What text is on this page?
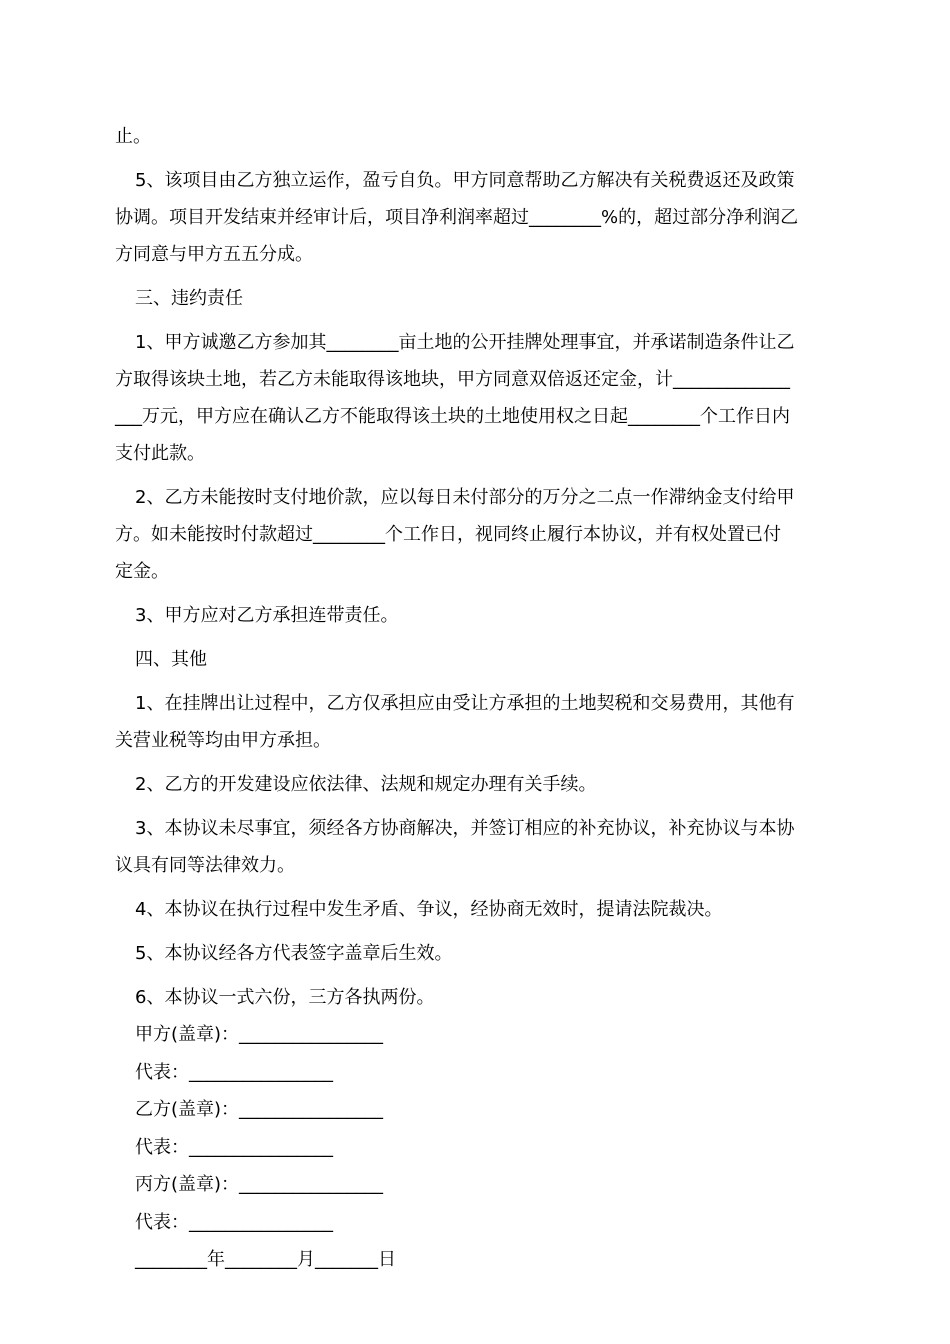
止。
5、该项目由乙方独立运作，盈亏自负。甲方同意帮助乙方解决有关税费返还及政策
协调。项目开发结束并经审计后，项目净利润率超过________%的，超过部分净利润乙
方同意与甲方五五分成。
三、违约责任
1、甲方诚邀乙方参加其________亩土地的公开挂牌处理事宜，并承诺制造条件让乙
方取得该块土地，若乙方未能取得该地块，甲方同意双倍返还定金，计_____________
___万元，甲方应在确认乙方不能取得该土块的土地使用权之日起________个工作日内
支付此款。
2、乙方未能按时支付地价款，应以每日未付部分的万分之二点一作滞纳金支付给甲
方。如未能按时付款超过________个工作日，视同终止履行本协议，并有权处置已付
定金。
3、甲方应对乙方承担连带责任。
四、其他
1、在挂牌出让过程中，乙方仅承担应由受让方承担的土地契税和交易费用，其他有
关营业税等均由甲方承担。
2、乙方的开发建设应依法律、法规和规定办理有关手续。
3、本协议未尽事宜，须经各方协商解决，并签订相应的补充协议，补充协议与本协
议具有同等法律效力。
4、本协议在执行过程中发生矛盾、争议，经协商无效时，提请法院裁决。
5、本协议经各方代表签字盖章后生效。
6、本协议一式六份，三方各执两份。
甲方(盖章)：________________
代表：________________
乙方(盖章)：________________
代表：________________
丙方(盖章)：________________
代表：________________
________年________月_______日
